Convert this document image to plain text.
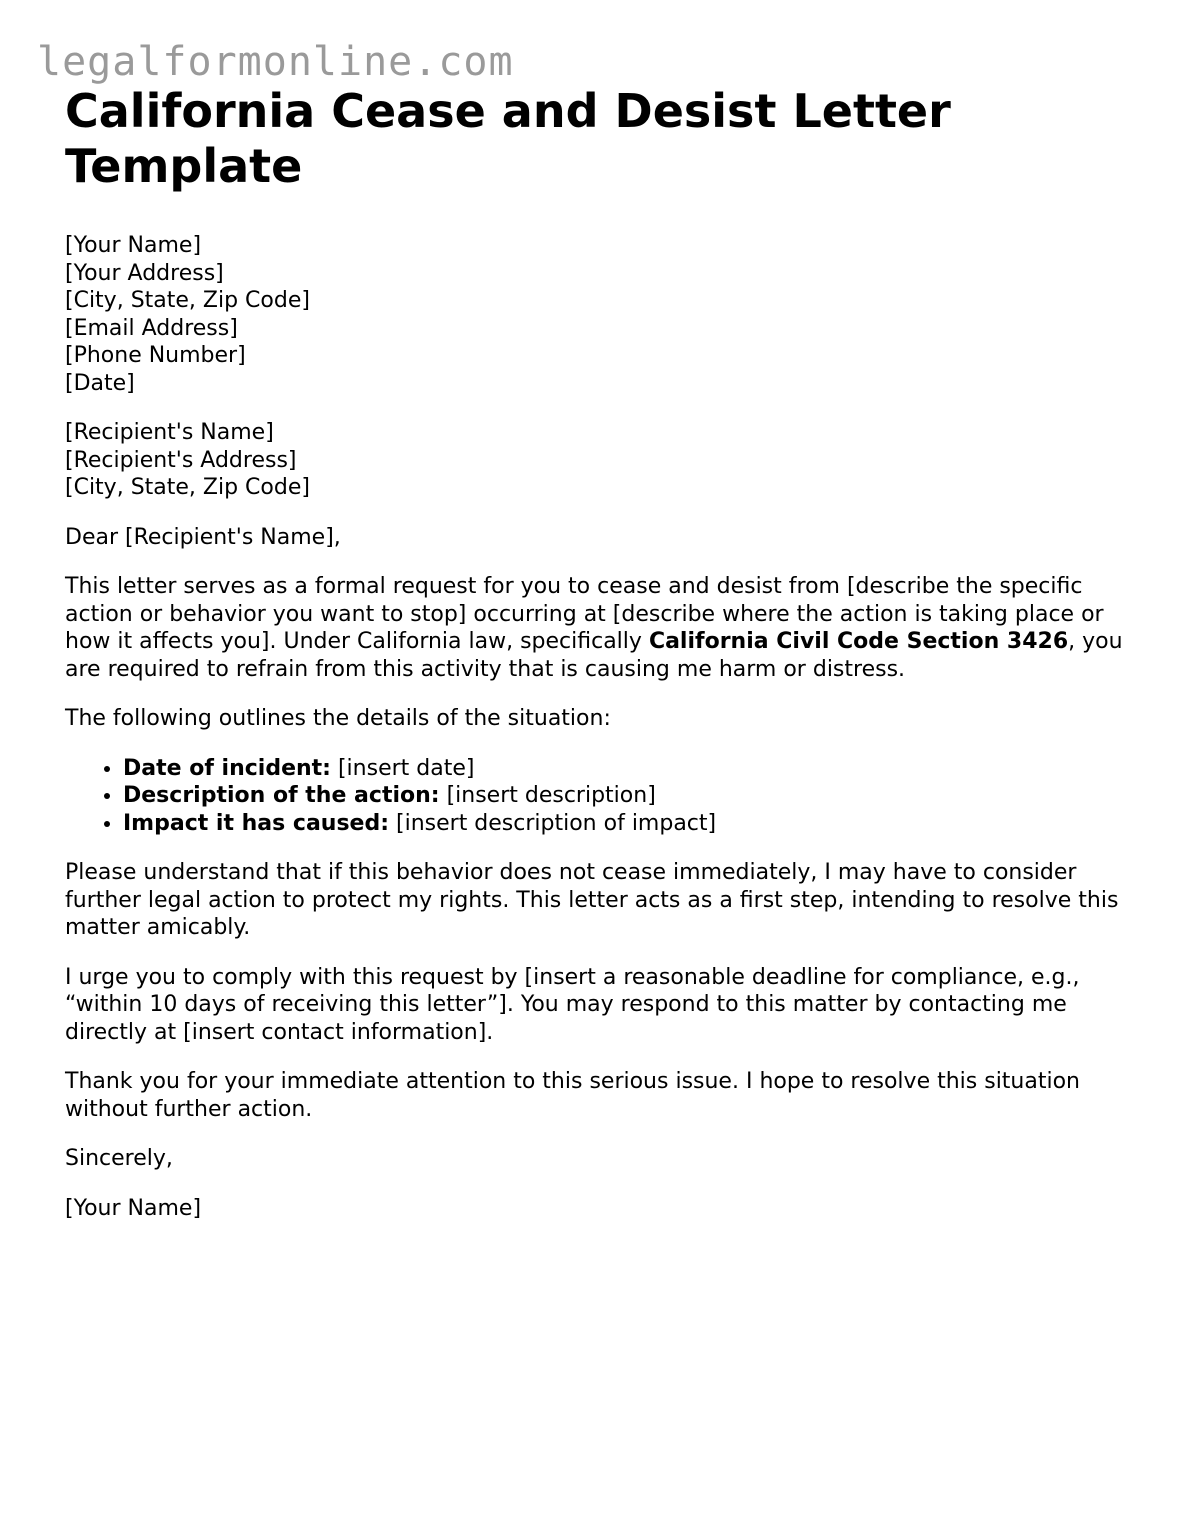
legalformonline.com
California Cease and Desist Letter Template
[Your Name]
[Your Address]
[City, State, Zip Code]
[Email Address]
[Phone Number]
[Date]
[Recipient's Name]
[Recipient's Address]
[City, State, Zip Code]

Dear [Recipient's Name],

This letter serves as a formal request for you to cease and desist from [describe the specific action or behavior you want to stop] occurring at [describe where the action is taking place or how it affects you]. Under California law, specifically California Civil Code Section 3426, you are required to refrain from this activity that is causing me harm or distress.

The following outlines the details of the situation:

• Date of incident: [insert date]
• Description of the action: [insert description]
• Impact it has caused: [insert description of impact]

Please understand that if this behavior does not cease immediately, I may have to consider further legal action to protect my rights. This letter acts as a first step, intending to resolve this matter amicably.

I urge you to comply with this request by [insert a reasonable deadline for compliance, e.g., “within 10 days of receiving this letter”]. You may respond to this matter by contacting me directly at [insert contact information].

Thank you for your immediate attention to this serious issue. I hope to resolve this situation without further action.

Sincerely,

[Your Name]
